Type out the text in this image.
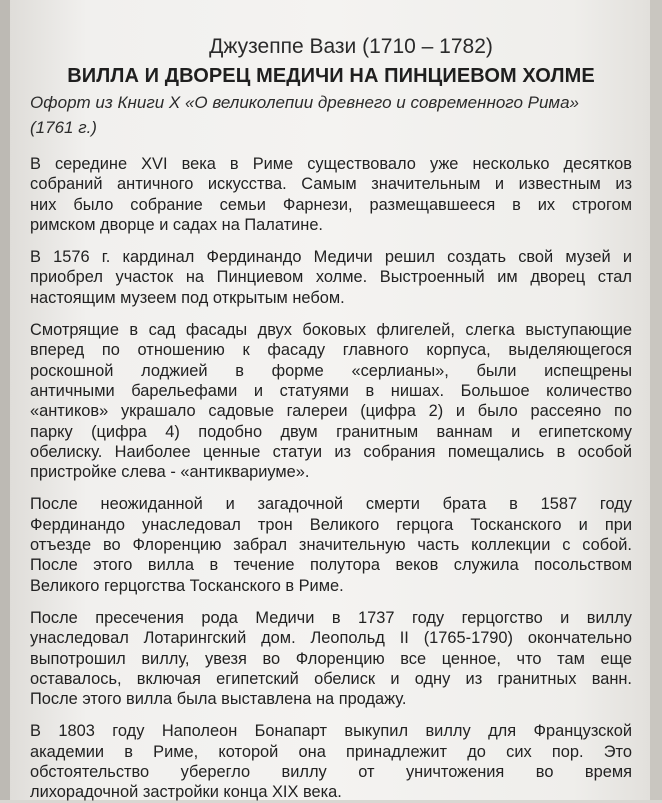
Джузеппе Вази (1710 – 1782)

ВИЛЛА И ДВОРЕЦ МЕДИЧИ НА ПИНЦИЕВОМ ХОЛМЕ

Офорт из Книги X «О великолепии древнего и современного Рима»
(1761 г.)

В середине XVI века в Риме существовало уже несколько десятков
собраний античного искусства. Самым значительным и известным из
них было собрание семьи Фарнези, размещавшееся в их строгом
римском дворце и садах на Палатине.
В 1576 г. кардинал Фердинандо Медичи решил создать свой музей и
приобрел участок на Пинциевом холме. Выстроенный им дворец стал
настоящим музеем под открытым небом.
Смотрящие в сад фасады двух боковых флигелей, слегка выступающие
вперед по отношению к фасаду главного корпуса, выделяющегося
роскошной лоджией в форме «серлианы», были испещрены
античными барельефами и статуями в нишах. Большое количество
«антиков» украшало садовые галереи (цифра 2) и было рассеяно по
парку (цифра 4) подобно двум гранитным ваннам и египетскому
обелиску. Наиболее ценные статуи из собрания помещались в особой
пристройке слева - «антиквариуме».
После неожиданной и загадочной смерти брата в 1587 году
Фердинандо унаследовал трон Великого герцога Тосканского и при
отъезде во Флоренцию забрал значительную часть коллекции с собой.
После этого вилла в течение полутора веков служила посольством
Великого герцогства Тосканского в Риме.
После пресечения рода Медичи в 1737 году герцогство и виллу
унаследовал Лотарингский дом. Леопольд II (1765-1790) окончательно
выпотрошил виллу, увезя во Флоренцию все ценное, что там еще
оставалось, включая египетский обелиск и одну из гранитных ванн.
После этого вилла была выставлена на продажу.
В 1803 году Наполеон Бонапарт выкупил виллу для Французской
академии в Риме, которой она принадлежит до сих пор. Это
обстоятельство уберегло виллу от уничтожения во время
лихорадочной застройки конца XIX века.
